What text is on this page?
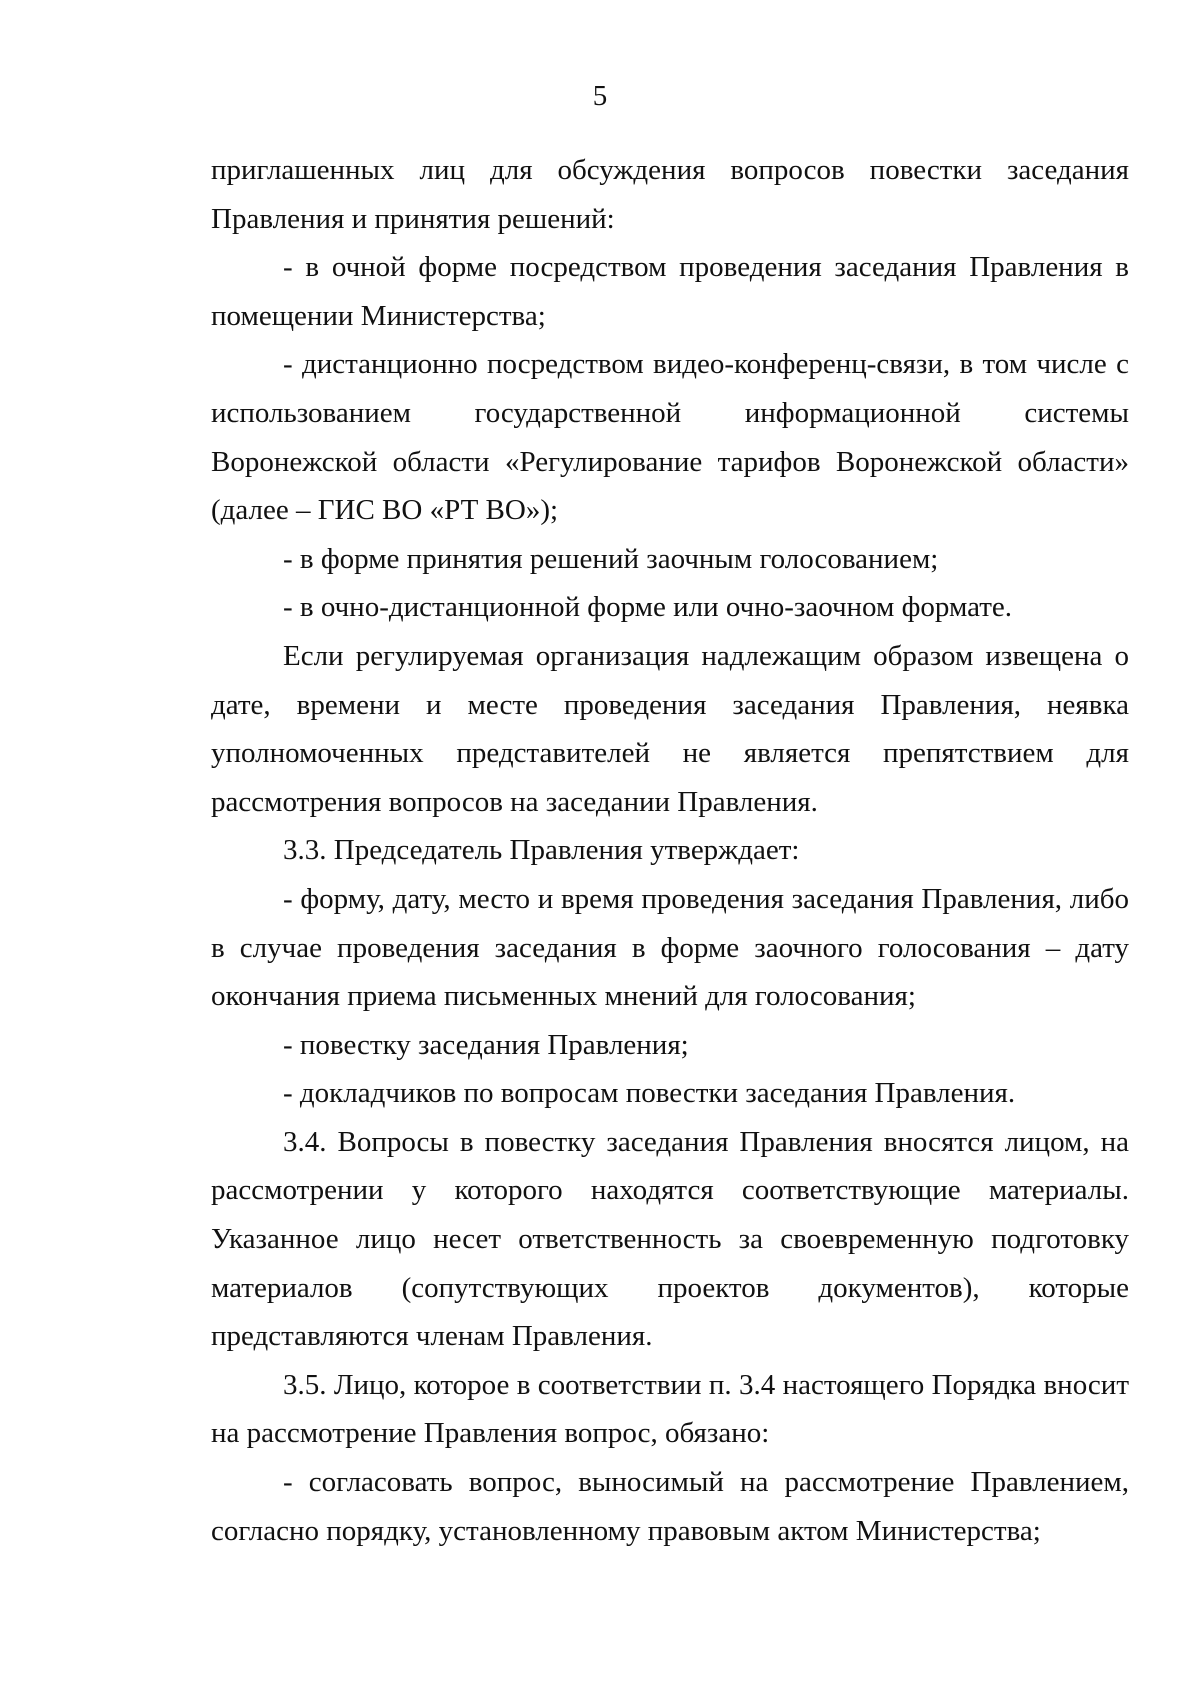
5

приглашенных лиц для обсуждения вопросов повестки заседания Правления и принятия решений:

- в очной форме посредством проведения заседания Правления в помещении Министерства;

- дистанционно посредством видео-конференц-связи, в том числе с использованием государственной информационной системы Воронежской области «Регулирование тарифов Воронежской области» (далее – ГИС ВО «РТ ВО»);

- в форме принятия решений заочным голосованием;

- в очно-дистанционной форме или очно-заочном формате.

Если регулируемая организация надлежащим образом извещена о дате, времени и месте проведения заседания Правления, неявка уполномоченных представителей не является препятствием для рассмотрения вопросов на заседании Правления.

3.3. Председатель Правления утверждает:

- форму, дату, место и время проведения заседания Правления, либо в случае проведения заседания в форме заочного голосования – дату окончания приема письменных мнений для голосования;

- повестку заседания Правления;

- докладчиков по вопросам повестки заседания Правления.

3.4. Вопросы в повестку заседания Правления вносятся лицом, на рассмотрении у которого находятся соответствующие материалы. Указанное лицо несет ответственность за своевременную подготовку материалов (сопутствующих проектов документов), которые представляются членам Правления.

3.5. Лицо, которое в соответствии п. 3.4 настоящего Порядка вносит на рассмотрение Правления вопрос, обязано:

- согласовать вопрос, выносимый на рассмотрение Правлением, согласно порядку, установленному правовым актом Министерства;
